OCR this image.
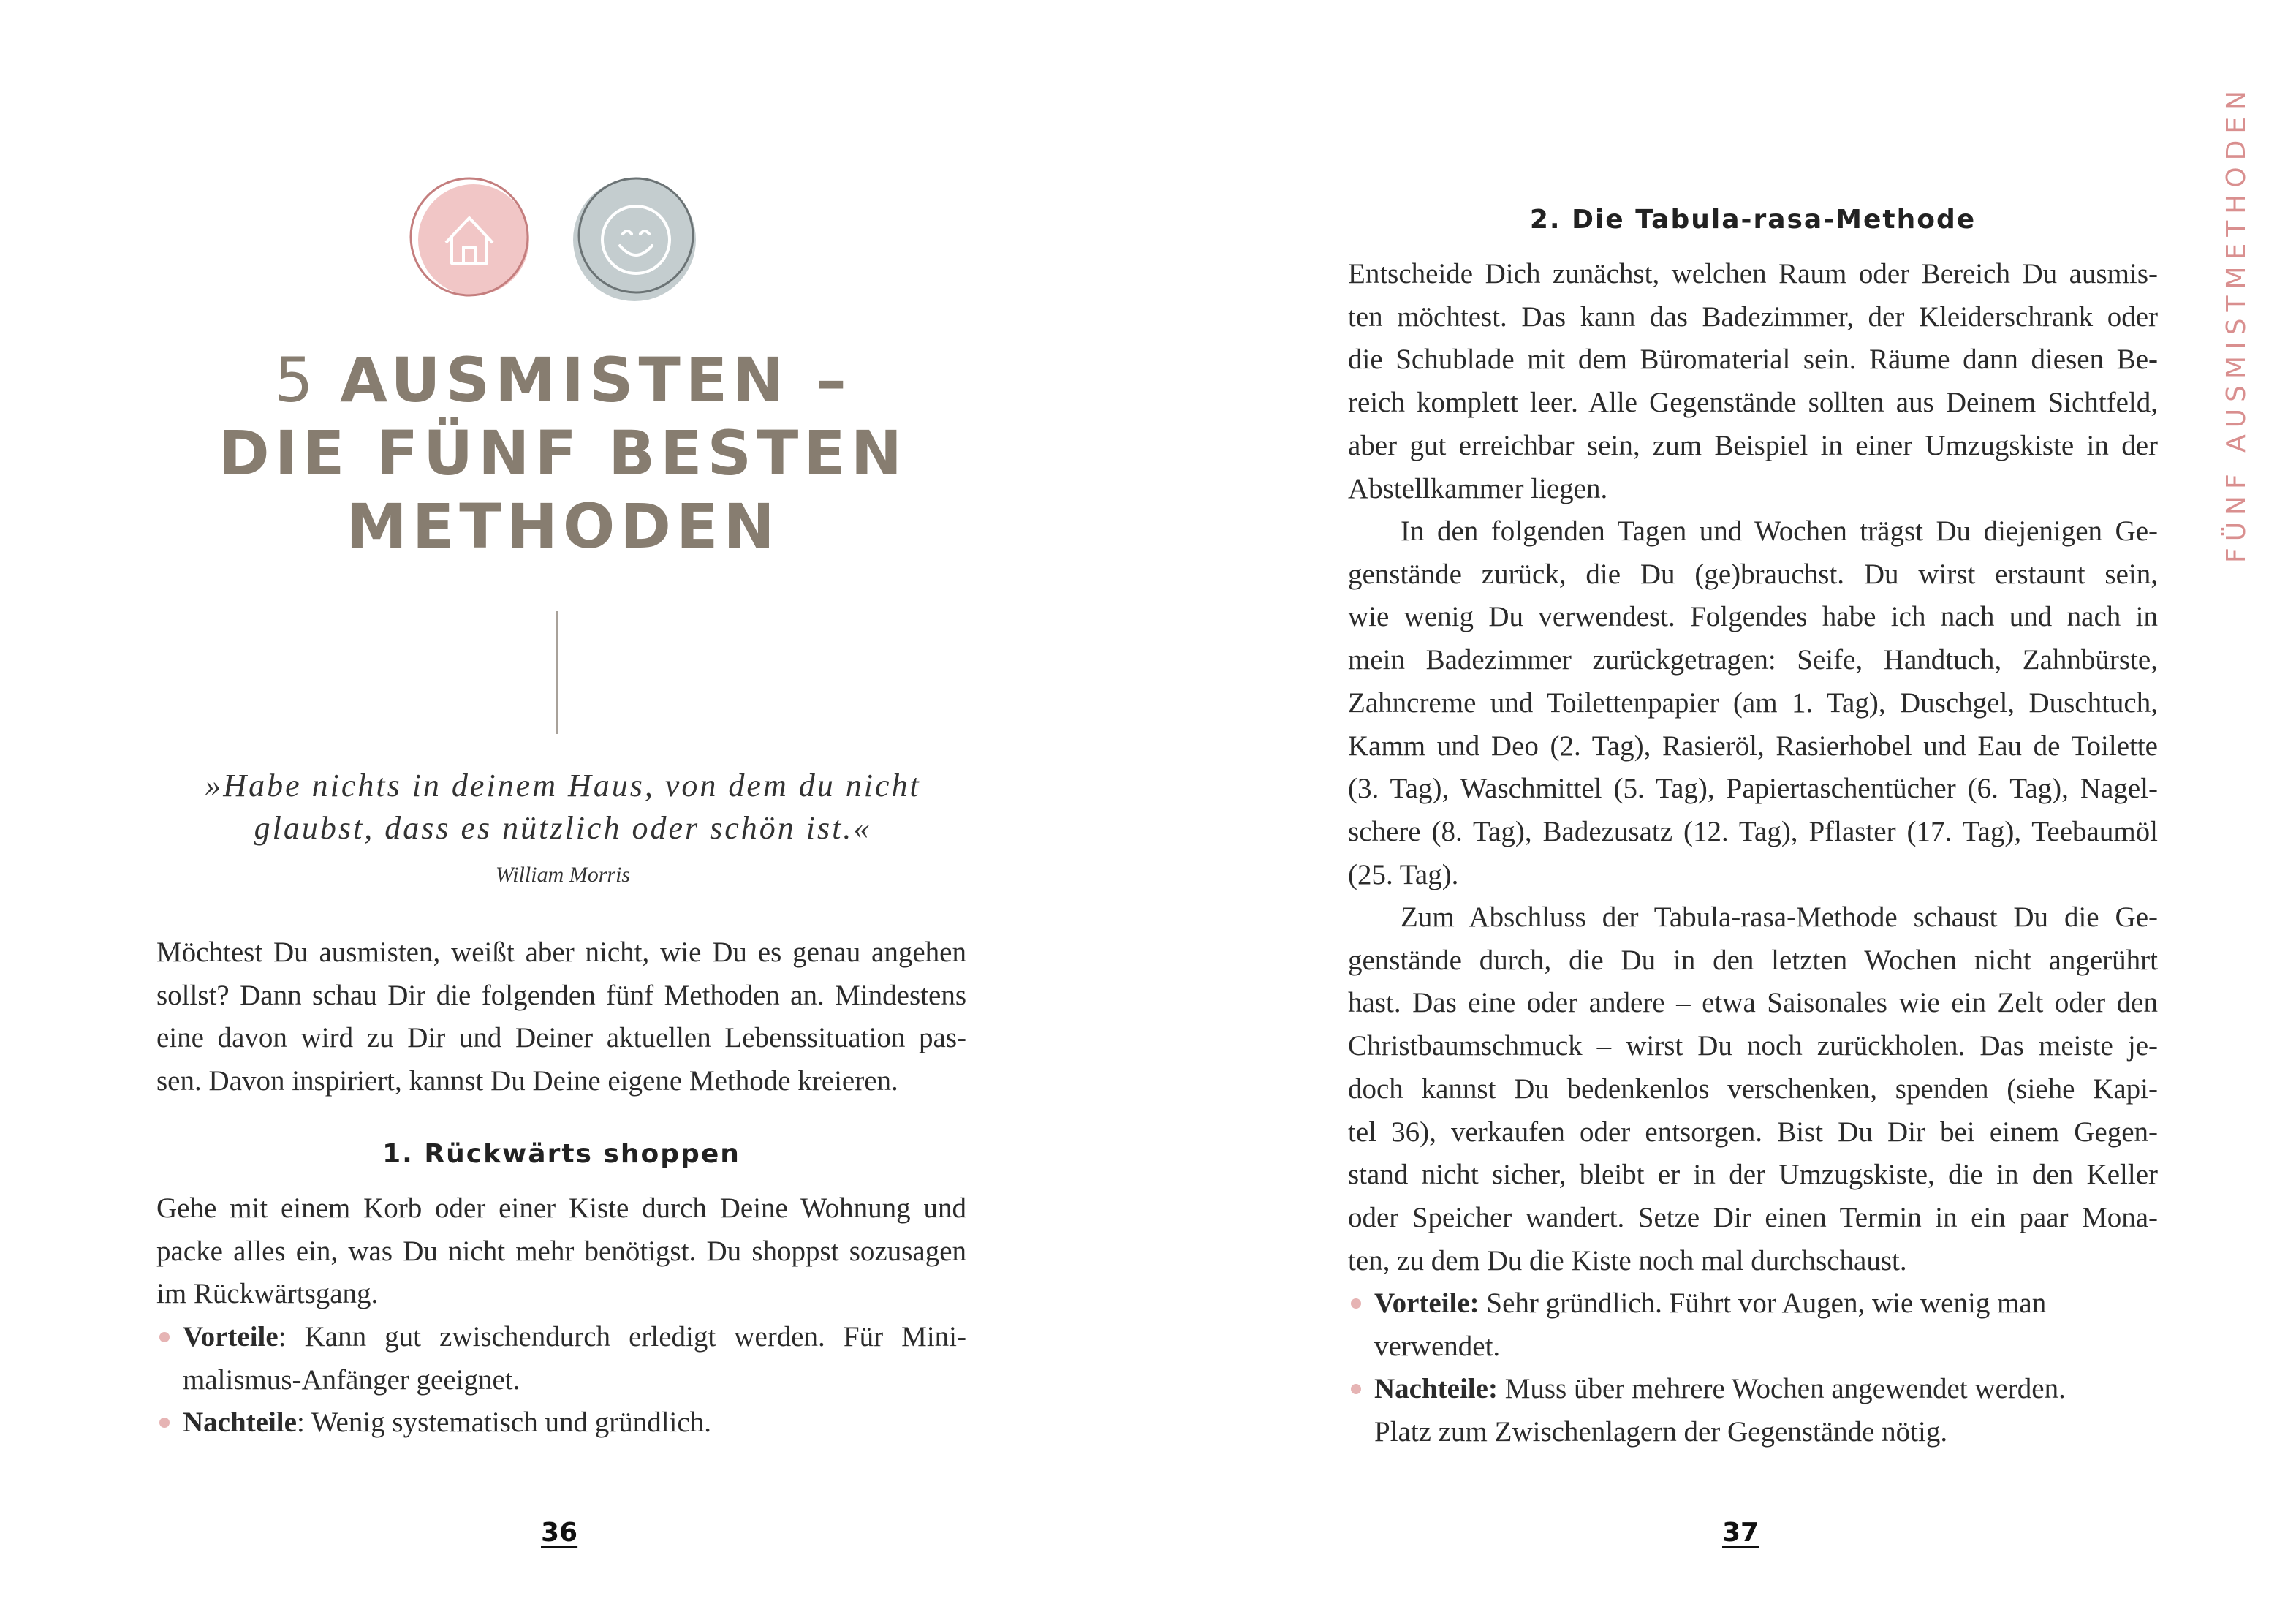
5 AUSMISTEN –
DIE FÜNF BESTEN
METHODEN
»Habe nichts in deinem Haus, von dem du nicht
glaubst, dass es nützlich oder schön ist.«
William Morris
Möchtest Du ausmisten, weißt aber nicht, wie Du es genau angehen
sollst? Dann schau Dir die folgenden fünf Methoden an. Mindestens
eine davon wird zu Dir und Deiner aktuellen Lebenssituation pas-
sen. Davon inspiriert, kannst Du Deine eigene Methode kreieren.
1. Rückwärts shoppen
Gehe mit einem Korb oder einer Kiste durch Deine Wohnung und
packe alles ein, was Du nicht mehr benötigst. Du shoppst sozusagen
im Rückwärtsgang.
Vorteile: Kann gut zwischendurch erledigt werden. Für Mini-
malismus-Anfänger geeignet.
Nachteile: Wenig systematisch und gründlich.
36
FÜNF AUSMISTMETHODEN
2. Die Tabula-rasa-Methode
Entscheide Dich zunächst, welchen Raum oder Bereich Du ausmis-
ten möchtest. Das kann das Badezimmer, der Kleiderschrank oder
die Schublade mit dem Büromaterial sein. Räume dann diesen Be-
reich komplett leer. Alle Gegenstände sollten aus Deinem Sichtfeld,
aber gut erreichbar sein, zum Beispiel in einer Umzugskiste in der
Abstellkammer liegen.
In den folgenden Tagen und Wochen trägst Du diejenigen Ge-
genstände zurück, die Du (ge)brauchst. Du wirst erstaunt sein,
wie wenig Du verwendest. Folgendes habe ich nach und nach in
mein Badezimmer zurückgetragen: Seife, Handtuch, Zahnbürste,
Zahncreme und Toilettenpapier (am 1. Tag), Duschgel, Duschtuch,
Kamm und Deo (2. Tag), Rasieröl, Rasierhobel und Eau de Toilette
(3. Tag), Waschmittel (5. Tag), Papiertaschentücher (6. Tag), Nagel-
schere (8. Tag), Badezusatz (12. Tag), Pflaster (17. Tag), Teebaumöl
(25. Tag).
Zum Abschluss der Tabula-rasa-Methode schaust Du die Ge-
genstände durch, die Du in den letzten Wochen nicht angerührt
hast. Das eine oder andere – etwa Saisonales wie ein Zelt oder den
Christbaumschmuck – wirst Du noch zurückholen. Das meiste je-
doch kannst Du bedenkenlos verschenken, spenden (siehe Kapi-
tel 36), verkaufen oder entsorgen. Bist Du Dir bei einem Gegen-
stand nicht sicher, bleibt er in der Umzugskiste, die in den Keller
oder Speicher wandert. Setze Dir einen Termin in ein paar Mona-
ten, zu dem Du die Kiste noch mal durchschaust.
Vorteile: Sehr gründlich. Führt vor Augen, wie wenig man
verwendet.
Nachteile: Muss über mehrere Wochen angewendet werden.
Platz zum Zwischenlagern der Gegenstände nötig.
37
